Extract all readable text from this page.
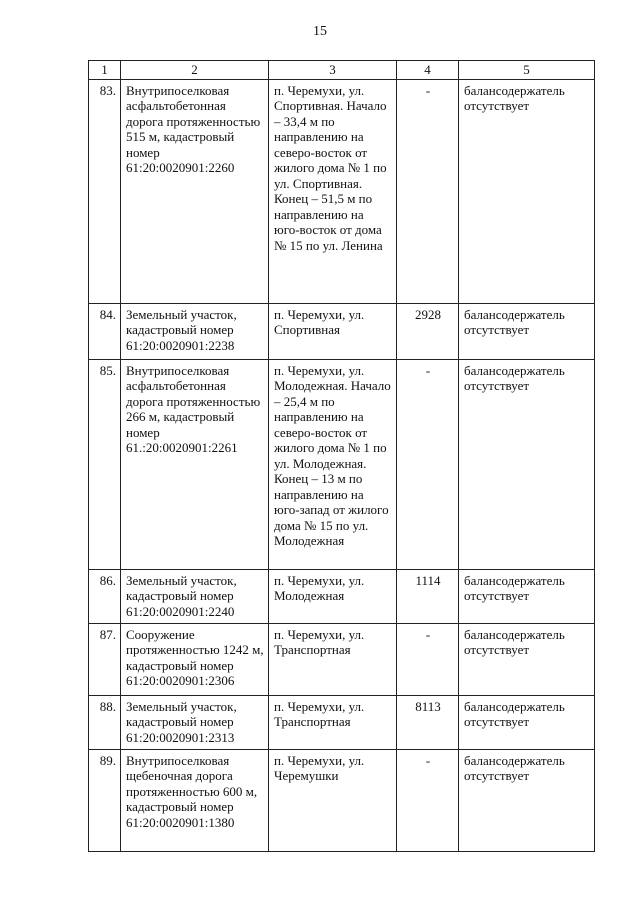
15
1	2	3	4	5
83.	Внутрипоселковая асфальтобетонная дорога протяженностью 515 м, кадастровый номер 61:20:0020901:2260	п. Черемухи, ул. Спортивная. Начало – 33,4 м по направлению на северо-восток от жилого дома № 1 по ул. Спортивная. Конец – 51,5 м по направлению на юго-восток от дома № 15 по ул. Ленина	-	балансодержатель отсутствует
84.	Земельный участок, кадастровый номер 61:20:0020901:2238	п. Черемухи, ул. Спортивная	2928	балансодержатель отсутствует
85.	Внутрипоселковая асфальтобетонная дорога протяженностью 266 м, кадастровый номер 61.:20:0020901:2261	п. Черемухи, ул. Молодежная. Начало – 25,4 м по направлению на северо-восток от жилого дома № 1 по ул. Молодежная. Конец – 13 м по направлению на юго-запад от жилого дома № 15 по ул. Молодежная	-	балансодержатель отсутствует
86.	Земельный участок, кадастровый номер 61:20:0020901:2240	п. Черемухи, ул. Молодежная	1114	балансодержатель отсутствует
87.	Сооружение протяженностью 1242 м, кадастровый номер 61:20:0020901:2306	п. Черемухи, ул. Транспортная	-	балансодержатель отсутствует
88.	Земельный участок, кадастровый номер 61:20:0020901:2313	п. Черемухи, ул. Транспортная	8113	балансодержатель отсутствует
89.	Внутрипоселковая щебеночная дорога протяженностью 600 м, кадастровый номер 61:20:0020901:1380	п. Черемухи, ул. Черемушки	-	балансодержатель отсутствует
